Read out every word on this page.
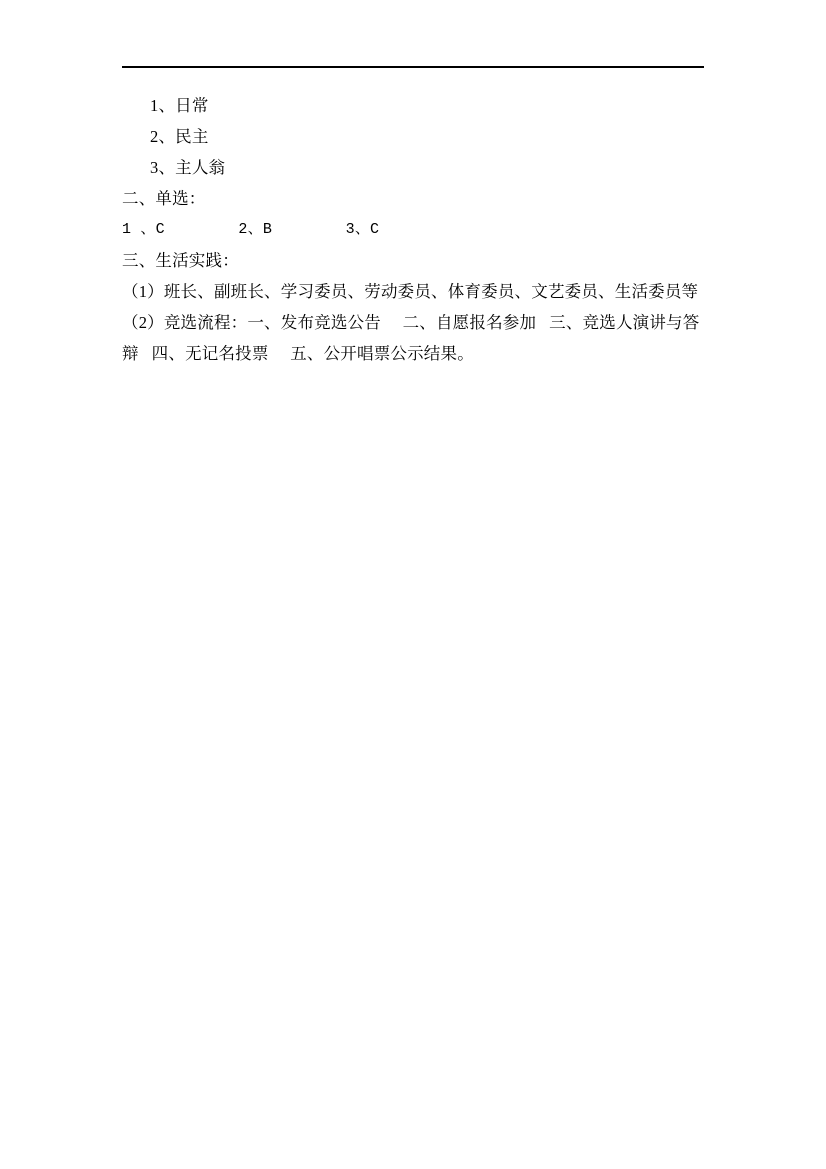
1、日常
2、民主
3、主人翁
二、单选：
1 、C        2、B        3、C
三、生活实践：
（1）班长、副班长、学习委员、劳动委员、体育委员、文艺委员、生活委员等
（2）竞选流程：一、发布竞选公告     二、自愿报名参加   三、竞选人演讲与答辩   四、无记名投票     五、公开唱票公示结果。
